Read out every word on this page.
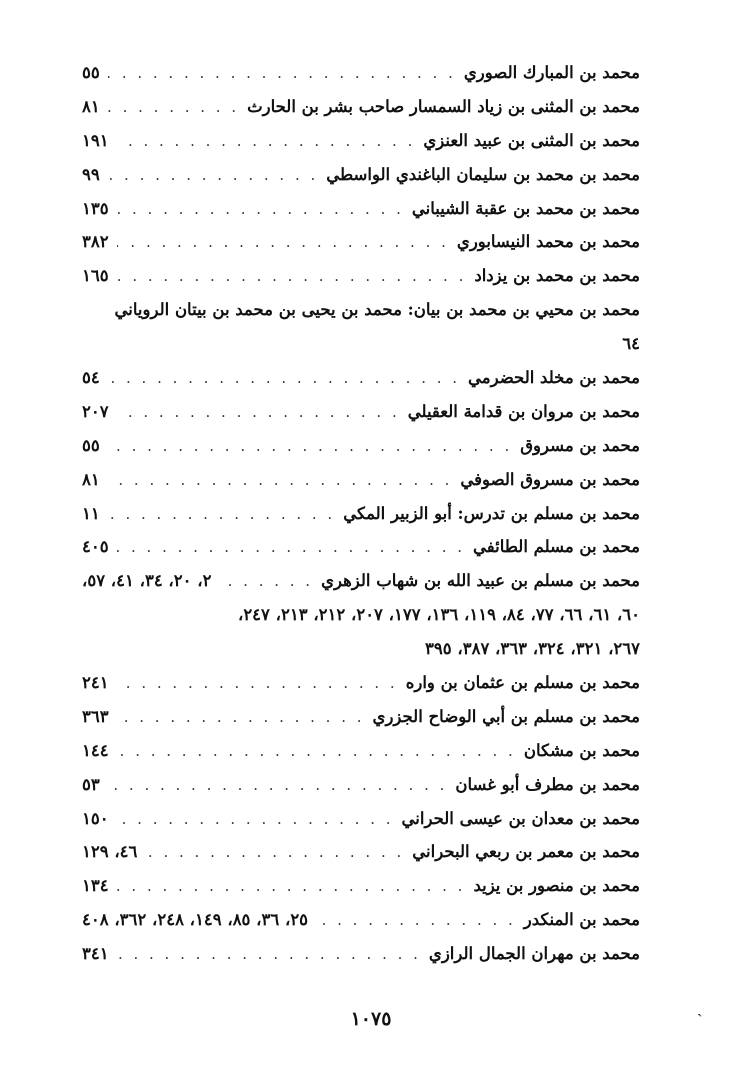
محمد بن المبارك الصوري
. . .
٥٥
محمد بن المثنى بن زياد السمسار صاحب بشر بن الحارث
. . .
٨١
محمد بن المثنى بن عبيد العنزي
. . .
١٩١
محمد بن محمد بن سليمان الباغندي الواسطي
. . .
٩٩
محمد بن محمد بن عقبة الشيباني
. . .
١٣٥
محمد بن محمد النيسابوري
. . .
٣٨٢
محمد بن محمد بن يزداد
. . .
١٦٥
محمد بن محيي بن محمد بن بيان: محمد بن يحيى بن محمد بن بيتان الروياني
٦٤
محمد بن مخلد الحضرمي
. . .
٥٤
محمد بن مروان بن قدامة العقيلي
. . .
٢٠٧
محمد بن مسروق
. . .
٥٥
محمد بن مسروق الصوفي
. . .
٨١
محمد بن مسلم بن تدرس: أبو الزبير المكي
. . .
١١
محمد بن مسلم الطائفي
. . .
٤٠٥
محمد بن مسلم بن عبيد الله بن شهاب الزهري
. . .
٢، ٢٠، ٣٤، ٤١، ٥٧،
٦٠، ٦١، ٦٦، ٧٧، ٨٤، ١١٩، ١٣٦، ١٧٧، ٢٠٧، ٢١٢، ٢١٣، ٢٤٧،
٢٦٧، ٣٢١، ٣٢٤، ٣٦٣، ٣٨٧، ٣٩٥
محمد بن مسلم بن عثمان بن واره
. . .
٢٤١
محمد بن مسلم بن أبي الوضاح الجزري
. . .
٣٦٣
محمد بن مشكان
. . .
١٤٤
محمد بن مطرف أبو غسان
. . .
٥٣
محمد بن معدان بن عيسى الحراني
. . .
١٥٠
محمد بن معمر بن ربعي البحراني
. . .
٤٦، ١٢٩
محمد بن منصور بن يزيد
. . .
١٣٤
محمد بن المنكدر
. . .
٢٥، ٣٦، ٨٥، ١٤٩، ٢٤٨، ٣٦٢، ٤٠٨
محمد بن مهران الجمال الرازي
. . .
٣٤١
١٠٧٥
ˎ
